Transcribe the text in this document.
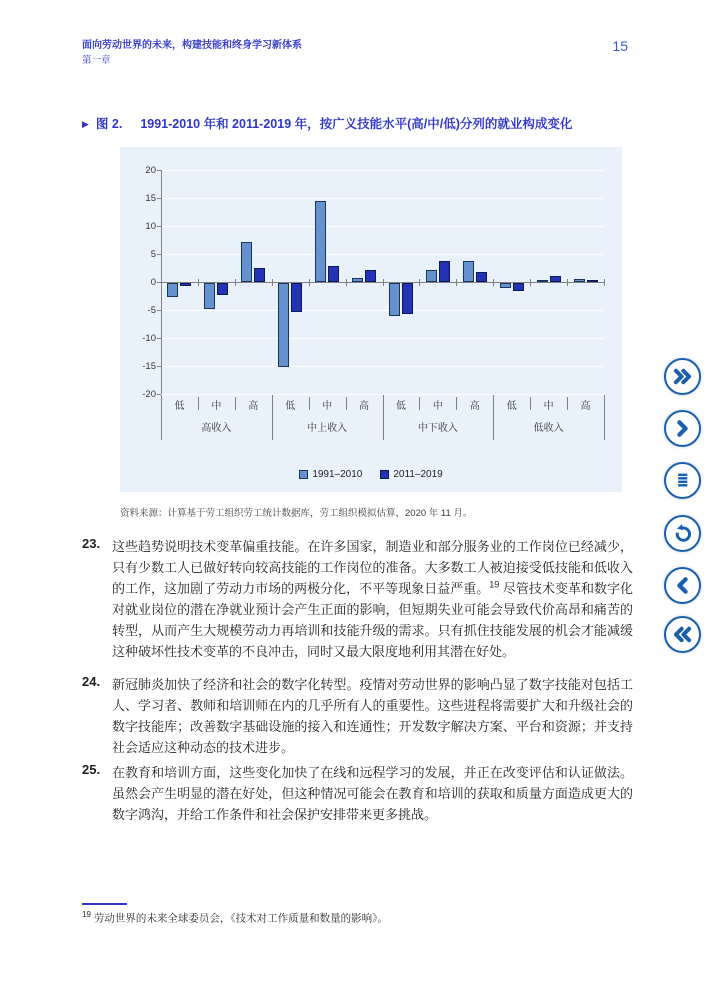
面向劳动世界的未来，构建技能和终身学习新体系
第一章
15
▶ 图 2. 1991-2010 年和 2011-2019 年，按广义技能水平(高/中/低)分列的就业构成变化
20
15
10
5
0
-5
-10
-15
-20
低	中	高	低	中	高	低	中	高	低	中	高
高收入	中上收入	中下收入	低收入
1991–2010	2011–2019
资料来源：计算基于劳工组织劳工统计数据库，劳工组织模拟估算，2020 年 11 月。
23. 这些趋势说明技术变革偏重技能。在许多国家，制造业和部分服务业的工作岗位已经减少，只有少数工人已做好转向较高技能的工作岗位的准备。大多数工人被迫接受低技能和低收入的工作，这加剧了劳动力市场的两极分化，不平等现象日益严重。$^{19}$ 尽管技术变革和数字化对就业岗位的潜在净就业预计会产生正面的影响，但短期失业可能会导致代价高昂和痛苦的转型，从而产生大规模劳动力再培训和技能升级的需求。只有抓住技能发展的机会才能减缓这种破坏性技术变革的不良冲击，同时又最大限度地利用其潜在好处。
24. 新冠肺炎加快了经济和社会的数字化转型。疫情对劳动世界的影响凸显了数字技能对包括工人、学习者、教师和培训师在内的几乎所有人的重要性。这些进程将需要扩大和升级社会的数字技能库；改善数字基础设施的接入和连通性；开发数字解决方案、平台和资源；并支持社会适应这种动态的技术进步。
25. 在教育和培训方面，这些变化加快了在线和远程学习的发展，并正在改变评估和认证做法。虽然会产生明显的潜在好处，但这种情况可能会在教育和培训的获取和质量方面造成更大的数字鸿沟，并给工作条件和社会保护安排带来更多挑战。
$^{19}$ 劳动世界的未来全球委员会，《技术对工作质量和数量的影响》。
